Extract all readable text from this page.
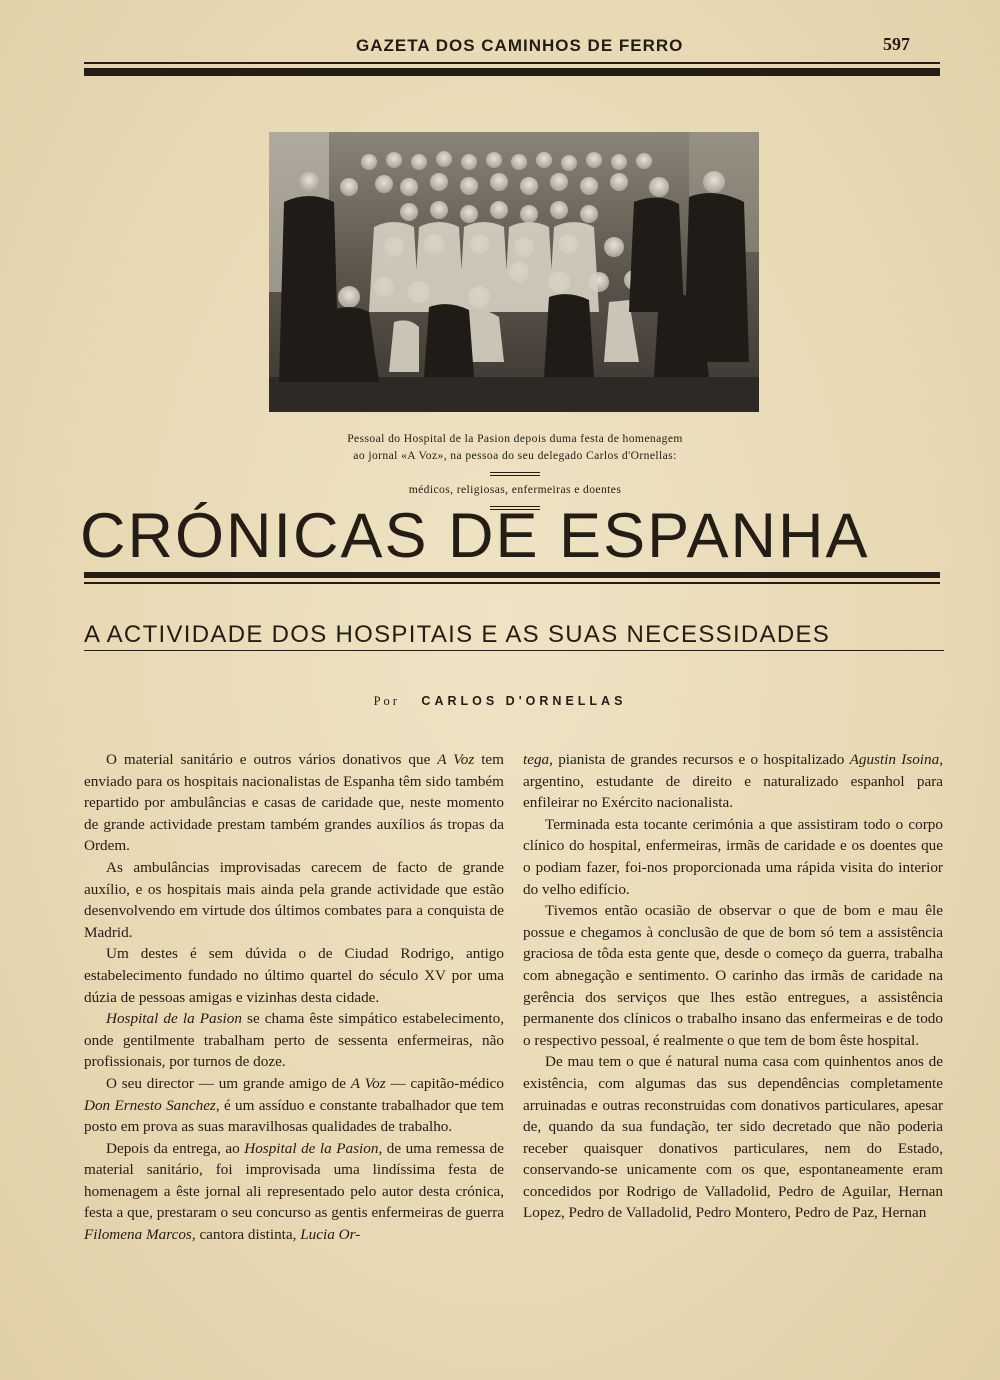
GAZETA DOS CAMINHOS DE FERRO	597
Pessoal do Hospital de la Pasion depois duma festa de homenagem
ao jornal «A Voz», na pessoa do seu delegado Carlos d'Ornellas:
médicos, religiosas, enfermeiras e doentes
CRÓNICAS DE ESPANHA
A ACTIVIDADE DOS HOSPITAIS E AS SUAS NECESSIDADES
Por CARLOS D'ORNELLAS

O material sanitário e outros vários donativos que A Voz tem enviado para os hospitais nacionalistas de Espanha têm sido também repartido por ambulâncias e casas de caridade que, neste momento de grande actividade prestam também grandes auxílios ás tropas da Ordem.

As ambulâncias improvisadas carecem de facto de grande auxílio, e os hospitais mais ainda pela grande actividade que estão desenvolvendo em virtude dos últimos combates para a conquista de Madrid.

Um destes é sem dúvida o de Ciudad Rodrigo, antigo estabelecimento fundado no último quartel do século XV por uma dúzia de pessoas amigas e vizinhas desta cidade.

Hospital de la Pasion se chama êste simpático estabelecimento, onde gentilmente trabalham perto de sessenta enfermeiras, não profissionais, por turnos de doze.

O seu director — um grande amigo de A Voz — capitão-médico Don Ernesto Sanchez, é um assíduo e constante trabalhador que tem posto em prova as suas maravilhosas qualidades de trabalho.

Depois da entrega, ao Hospital de la Pasion, de uma remessa de material sanitário, foi improvisada uma lindíssima festa de homenagem a êste jornal ali representado pelo autor desta crónica, festa a que, prestaram o seu concurso as gentis enfermeiras de guerra Filomena Marcos, cantora distinta, Lucia Or-

tega, pianista de grandes recursos e o hospitalizado Agustin Isoina, argentino, estudante de direito e naturalizado espanhol para enfileirar no Exército nacionalista.

Terminada esta tocante cerimónia a que assistiram todo o corpo clínico do hospital, enfermeiras, irmãs de caridade e os doentes que o podiam fazer, foi-nos proporcionada uma rápida visita do interior do velho edifício.

Tivemos então ocasião de observar o que de bom e mau êle possue e chegamos à conclusão de que de bom só tem a assistência graciosa de tôda esta gente que, desde o começo da guerra, trabalha com abnegação e sentimento. O carinho das irmãs de caridade na gerência dos serviços que lhes estão entregues, a assistência permanente dos clínicos o trabalho insano das enfermeiras e de todo o respectivo pessoal, é realmente o que tem de bom êste hospital.

De mau tem o que é natural numa casa com quinhentos anos de existência, com algumas das sus dependências completamente arruinadas e outras reconstruidas com donativos particulares, apesar de, quando da sua fundação, ter sido decretado que não poderia receber quaisquer donativos particulares, nem do Estado, conservando-se unicamente com os que, espontaneamente eram concedidos por Rodrigo de Valladolid, Pedro de Aguilar, Hernan Lopez, Pedro de Valladolid, Pedro Montero, Pedro de Paz, Hernan
